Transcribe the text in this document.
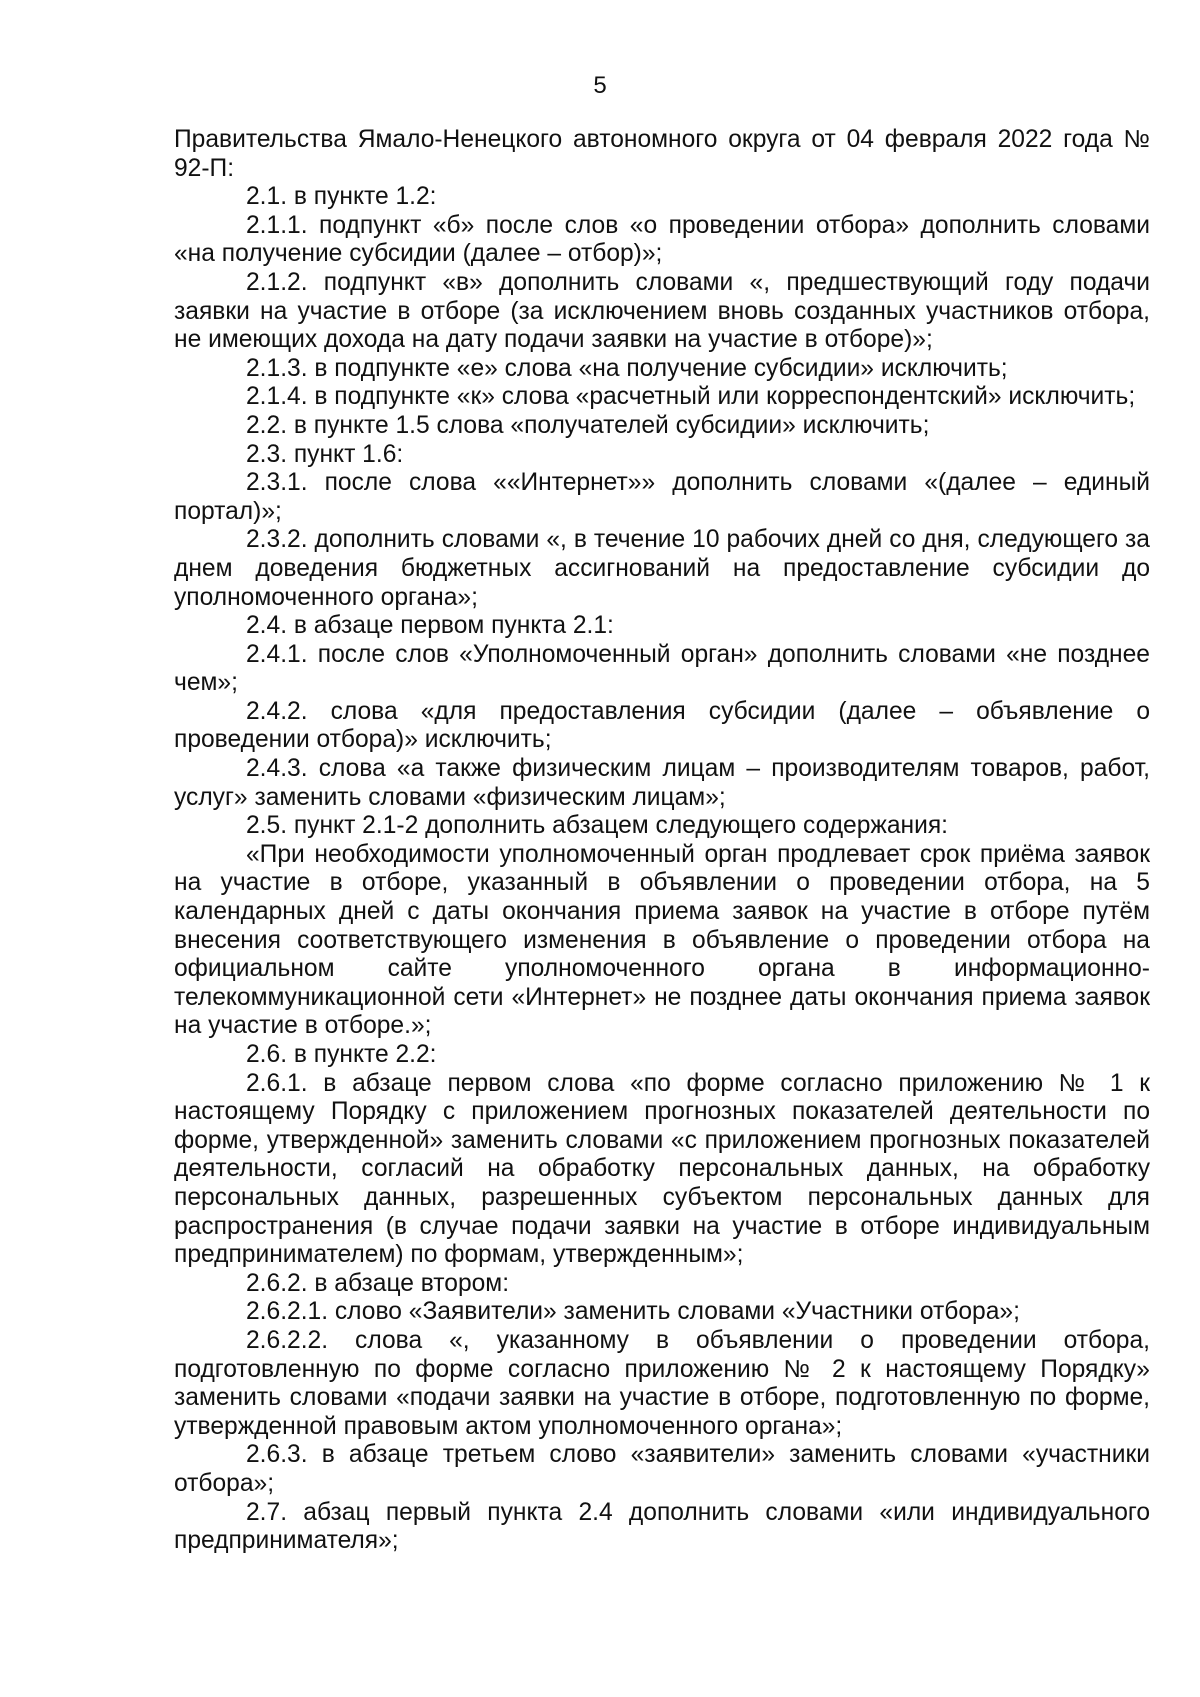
5

Правительства Ямало-Ненецкого автономного округа от 04 февраля 2022 года № 92-П:

2.1. в пункте 1.2:

2.1.1. подпункт «б» после слов «о проведении отбора» дополнить словами «на получение субсидии (далее – отбор)»;

2.1.2. подпункт «в» дополнить словами «, предшествующий году подачи заявки на участие в отборе (за исключением вновь созданных участников отбора, не имеющих дохода на дату подачи заявки на участие в отборе)»;

2.1.3. в подпункте «е» слова «на получение субсидии» исключить;

2.1.4. в подпункте «к» слова «расчетный или корреспондентский» исключить;

2.2. в пункте 1.5 слова «получателей субсидии» исключить;

2.3. пункт 1.6:

2.3.1. после слова ««Интернет»» дополнить словами «(далее – единый портал)»;

2.3.2. дополнить словами «, в течение 10 рабочих дней со дня, следующего за днем доведения бюджетных ассигнований на предоставление субсидии до уполномоченного органа»;

2.4. в абзаце первом пункта 2.1:

2.4.1. после слов «Уполномоченный орган» дополнить словами «не позднее чем»;

2.4.2. слова «для предоставления субсидии (далее – объявление о проведении отбора)» исключить;

2.4.3. слова «а также физическим лицам – производителям товаров, работ, услуг» заменить словами «физическим лицам»;

2.5. пункт 2.1-2 дополнить абзацем следующего содержания:

«При необходимости уполномоченный орган продлевает срок приёма заявок на участие в отборе, указанный в объявлении о проведении отбора, на 5 календарных дней с даты окончания приема заявок на участие в отборе путём внесения соответствующего изменения в объявление о проведении отбора на официальном сайте уполномоченного органа в информационно-телекоммуникационной сети «Интернет» не позднее даты окончания приема заявок на участие в отборе.»;

2.6. в пункте 2.2:

2.6.1. в абзаце первом слова «по форме согласно приложению № 1 к настоящему Порядку с приложением прогнозных показателей деятельности по форме, утвержденной» заменить словами «с приложением прогнозных показателей деятельности, согласий на обработку персональных данных, на обработку персональных данных, разрешенных субъектом персональных данных для распространения (в случае подачи заявки на участие в отборе индивидуальным предпринимателем) по формам, утвержденным»;

2.6.2. в абзаце втором:

2.6.2.1. слово «Заявители» заменить словами «Участники отбора»;

2.6.2.2. слова «, указанному в объявлении о проведении отбора, подготовленную по форме согласно приложению № 2 к настоящему Порядку» заменить словами «подачи заявки на участие в отборе, подготовленную по форме, утвержденной правовым актом уполномоченного органа»;

2.6.3. в абзаце третьем слово «заявители» заменить словами «участники отбора»;

2.7. абзац первый пункта 2.4 дополнить словами «или индивидуального предпринимателя»;
